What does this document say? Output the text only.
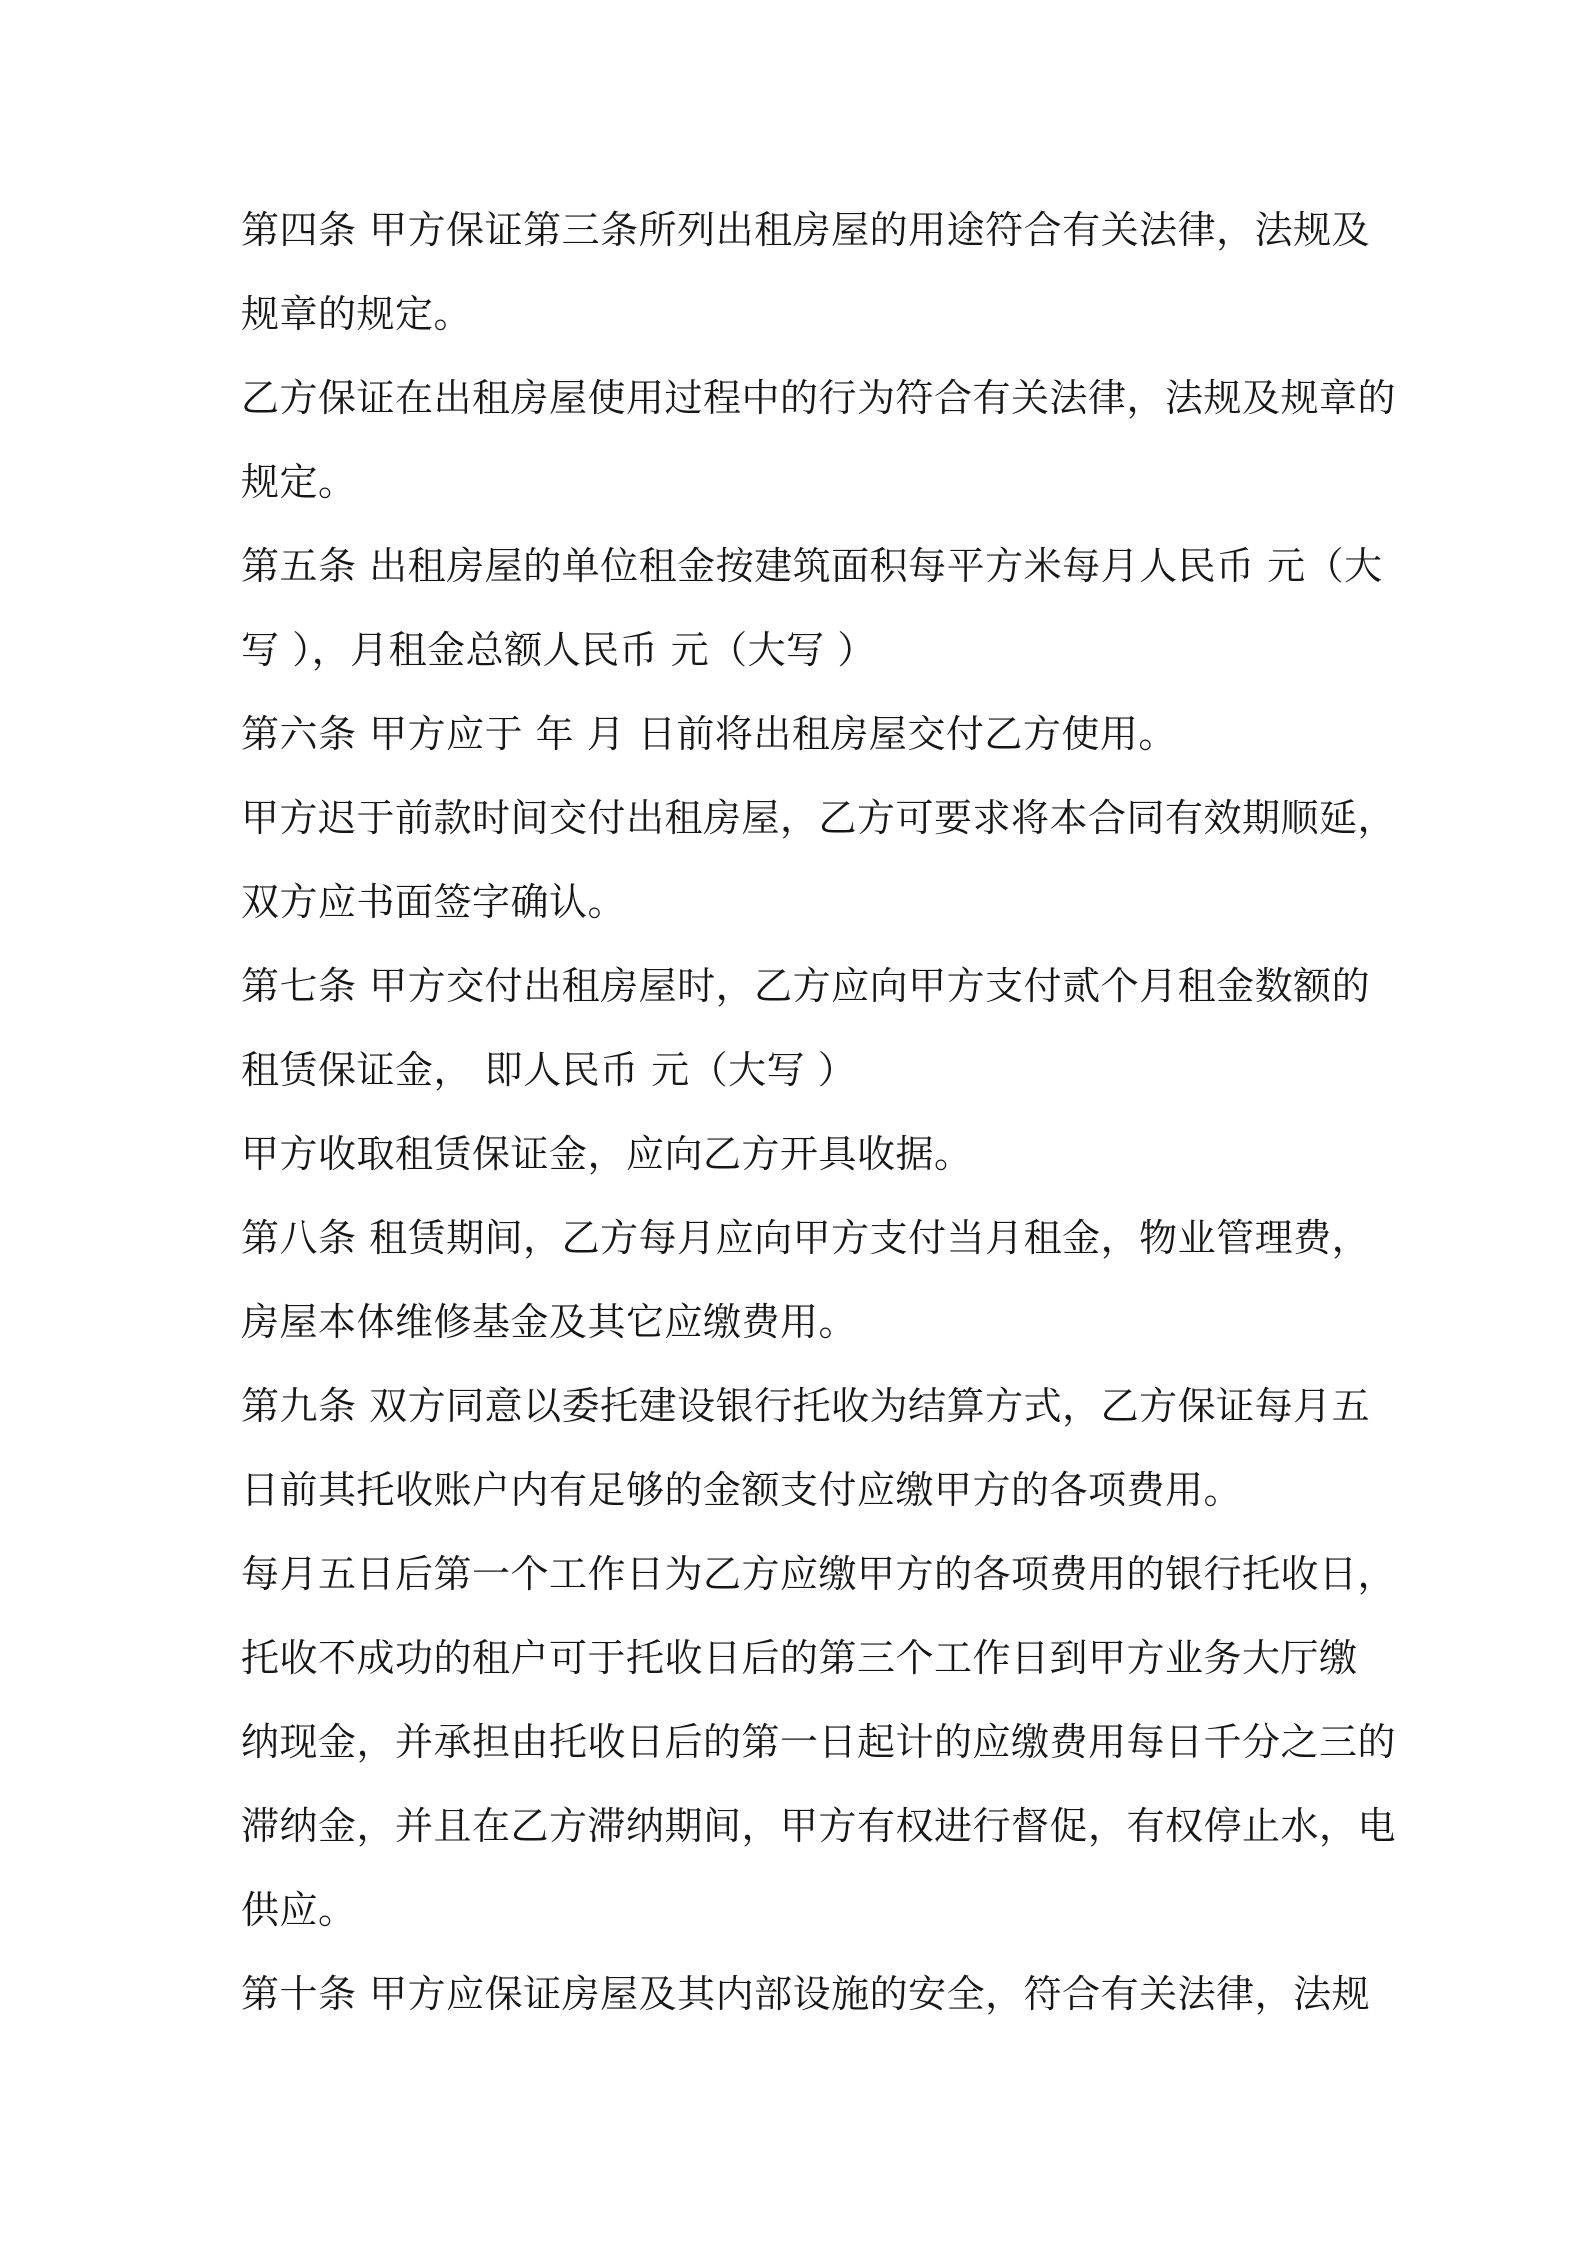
第四条 甲方保证第三条所列出租房屋的用途符合有关法律，法规及

规章的规定。

乙方保证在出租房屋使用过程中的行为符合有关法律，法规及规章的

规定。

第五条 出租房屋的单位租金按建筑面积每平方米每月人民币 元（大

写 ），月租金总额人民币 元（大写 ）

第六条 甲方应于 年 月 日前将出租房屋交付乙方使用。

甲方迟于前款时间交付出租房屋，乙方可要求将本合同有效期顺延，

双方应书面签字确认。

第七条 甲方交付出租房屋时，乙方应向甲方支付贰个月租金数额的

租赁保证金， 即人民币 元（大写 ）

甲方收取租赁保证金，应向乙方开具收据。

第八条 租赁期间，乙方每月应向甲方支付当月租金，物业管理费，

房屋本体维修基金及其它应缴费用。

第九条 双方同意以委托建设银行托收为结算方式，乙方保证每月五

日前其托收账户内有足够的金额支付应缴甲方的各项费用。

每月五日后第一个工作日为乙方应缴甲方的各项费用的银行托收日，

托收不成功的租户可于托收日后的第三个工作日到甲方业务大厅缴

纳现金，并承担由托收日后的第一日起计的应缴费用每日千分之三的

滞纳金，并且在乙方滞纳期间，甲方有权进行督促，有权停止水，电

供应。

第十条 甲方应保证房屋及其内部设施的安全，符合有关法律，法规
